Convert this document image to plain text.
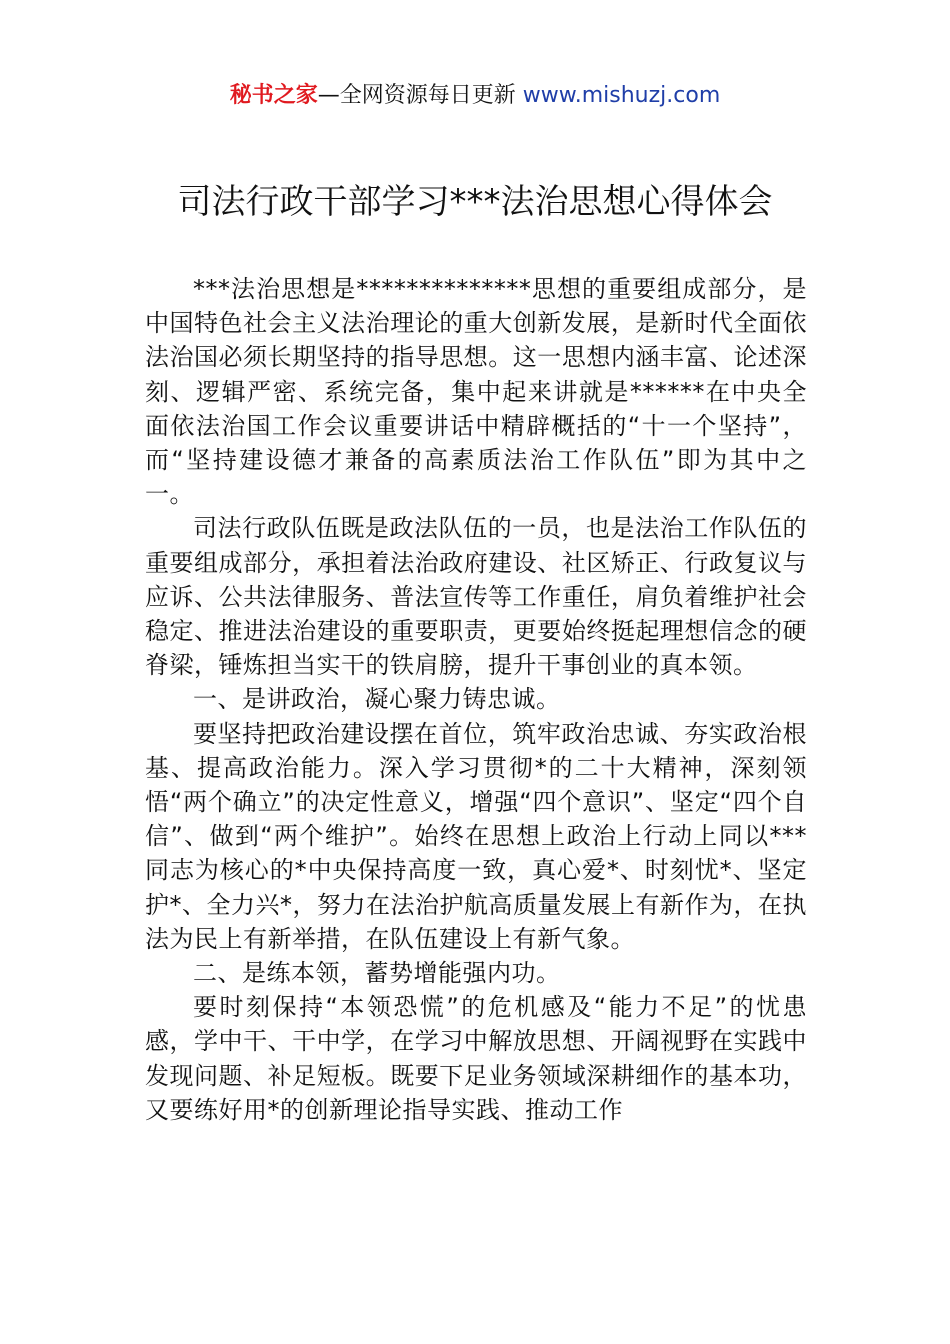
秘书之家—全网资源每日更新 www.mishuzj.com
司法行政干部学习***法治思想心得体会

***法治思想是**************思想的重要组成部分，是中国特色社会主义法治理论的重大创新发展，是新时代全面依法治国必须长期坚持的指导思想。这一思想内涵丰富、论述深刻、逻辑严密、系统完备，集中起来讲就是******在中央全面依法治国工作会议重要讲话中精辟概括的“十一个坚持”，而“坚持建设德才兼备的高素质法治工作队伍”即为其中之一。

司法行政队伍既是政法队伍的一员，也是法治工作队伍的重要组成部分，承担着法治政府建设、社区矫正、行政复议与应诉、公共法律服务、普法宣传等工作重任，肩负着维护社会稳定、推进法治建设的重要职责，更要始终挺起理想信念的硬脊梁，锤炼担当实干的铁肩膀，提升干事创业的真本领。

一、是讲政治，凝心聚力铸忠诚。

要坚持把政治建设摆在首位，筑牢政治忠诚、夯实政治根基、提高政治能力。深入学习贯彻*的二十大精神，深刻领悟“两个确立”的决定性意义，增强“四个意识”、坚定“四个自信”、做到“两个维护”。始终在思想上政治上行动上同以***同志为核心的*中央保持高度一致，真心爱*、时刻忧*、坚定护*、全力兴*，努力在法治护航高质量发展上有新作为，在执法为民上有新举措，在队伍建设上有新气象。

二、是练本领，蓄势增能强内功。

要时刻保持“本领恐慌”的危机感及“能力不足”的忧患感，学中干、干中学，在学习中解放思想、开阔视野在实践中发现问题、补足短板。既要下足业务领域深耕细作的基本功，又要练好用*的创新理论指导实践、推动工作
